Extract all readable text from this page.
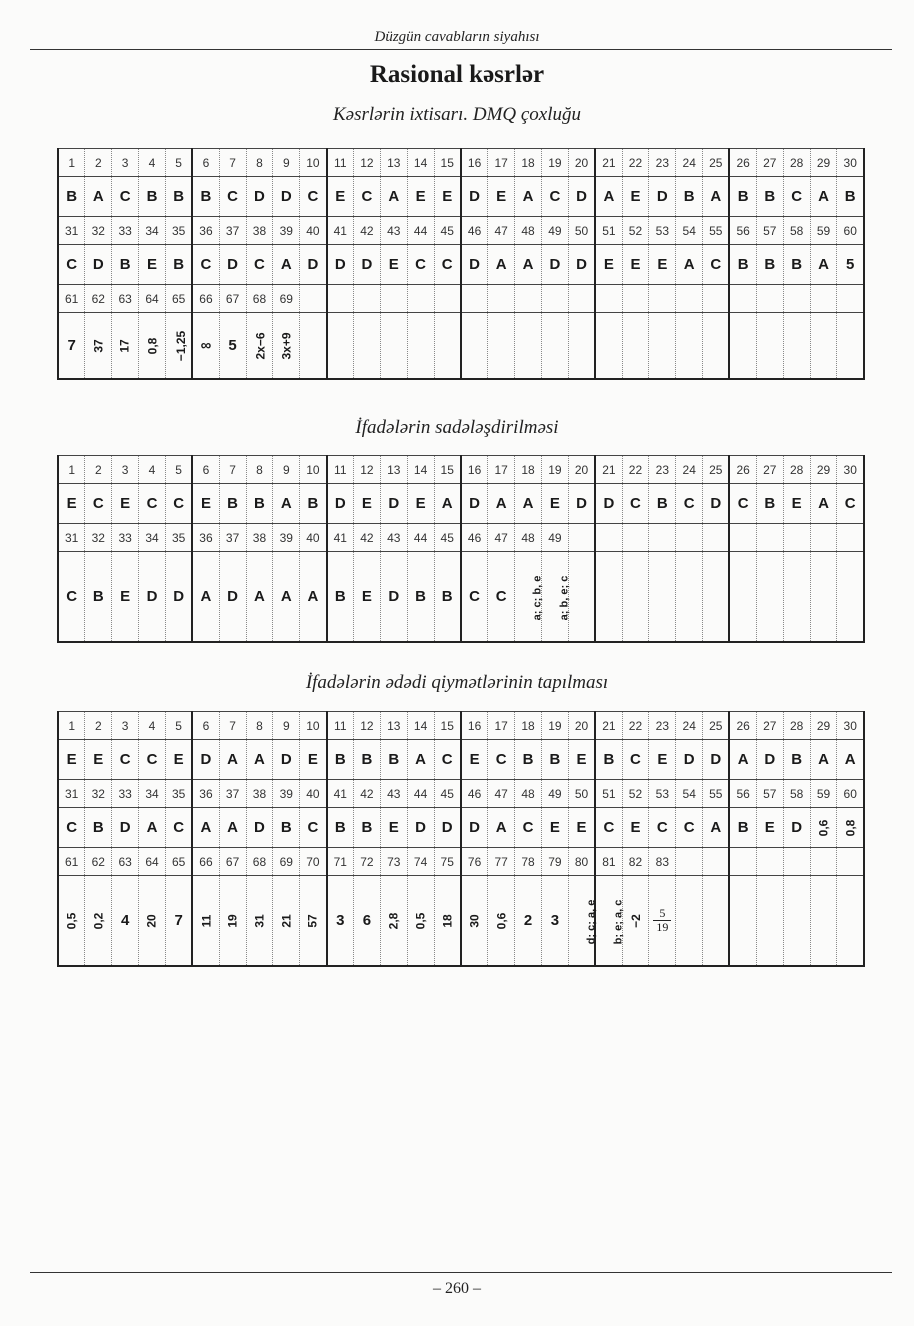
Düzgün cavabların siyahısı
Rasional kəsrlər
Kəsrlərin ixtisarı. DMQ çoxluğu
1	2	3	4	5	6	7	8	9	10	11	12	13	14	15	16	17	18	19	20	21	22	23	24	25	26	27	28	29	30
B	A	C	B	B	B	C	D	D	C	E	C	A	E	E	D	E	A	C	D	A	E	D	B	A	B	B	C	A	B
31	32	33	34	35	36	37	38	39	40	41	42	43	44	45	46	47	48	49	50	51	52	53	54	55	56	57	58	59	60
C	D	B	E	B	C	D	C	A	D	D	D	E	C	C	D	A	A	D	D	E	E	E	A	C	B	B	B	A	5
61	62	63	64	65	66	67	68	69																					
7	37	17	0,8	−1,25	∞	5	2x−6	3x+9																					
İfadələrin sadələşdirilməsi
1	2	3	4	5	6	7	8	9	10	11	12	13	14	15	16	17	18	19	20	21	22	23	24	25	26	27	28	29	30
E	C	E	C	C	E	B	B	A	B	D	E	D	E	A	D	A	A	E	D	D	C	B	C	D	C	B	E	A	C
31	32	33	34	35	36	37	38	39	40	41	42	43	44	45	46	47	48	49											
C	B	E	D	D	A	D	A	A	A	B	E	D	B	B	C	C	a; c; b, e	a; b, e; c											
İfadələrin ədədi qiymətlərinin tapılması
1	2	3	4	5	6	7	8	9	10	11	12	13	14	15	16	17	18	19	20	21	22	23	24	25	26	27	28	29	30
E	E	C	C	E	D	A	A	D	E	B	B	B	A	C	E	C	B	B	E	B	C	E	D	D	A	D	B	A	A
31	32	33	34	35	36	37	38	39	40	41	42	43	44	45	46	47	48	49	50	51	52	53	54	55	56	57	58	59	60
C	B	D	A	C	A	A	D	B	C	B	B	E	D	D	D	A	C	E	E	C	E	C	C	A	B	E	D	0,6	0,8
61	62	63	64	65	66	67	68	69	70	71	72	73	74	75	76	77	78	79	80	81	82	83							
0,5	0,2	4	20	7	11	19	31	21	57	3	6	2,8	0,5	18	30	0,6	2	3	d; c; a, e	b; e; a, c	−2	$\frac{5}{19}$

– 260 –
